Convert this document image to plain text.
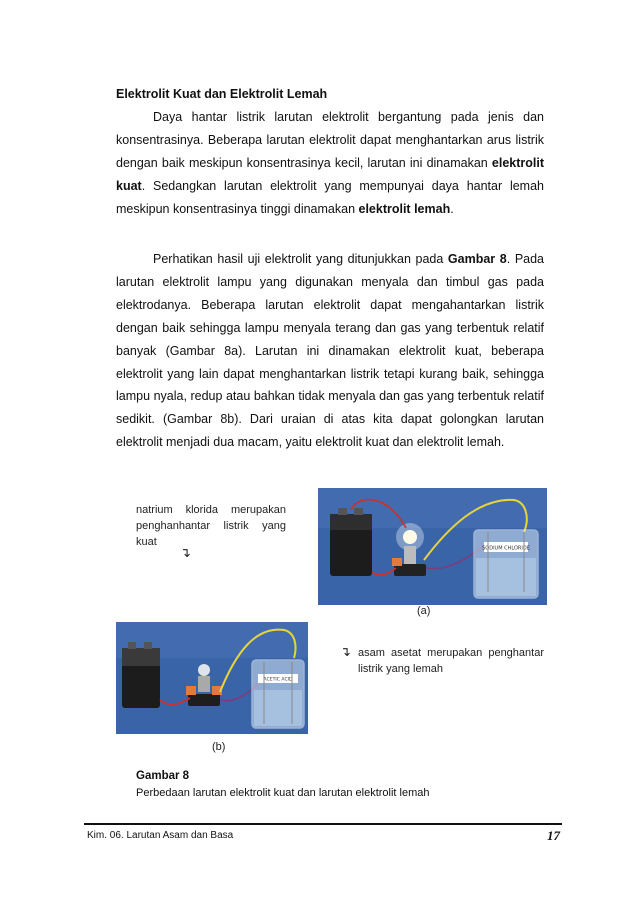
Elektrolit Kuat dan Elektrolit Lemah

Daya hantar listrik larutan elektrolit bergantung pada jenis dan konsentrasinya. Beberapa larutan elektrolit dapat menghantarkan arus listrik dengan baik meskipun konsentrasinya kecil, larutan ini dinamakan elektrolit kuat. Sedangkan larutan elektrolit yang mempunyai daya hantar lemah meskipun konsentrasinya tinggi dinamakan elektrolit lemah.

Perhatikan hasil uji elektrolit yang ditunjukkan pada Gambar 8. Pada larutan elektrolit lampu yang digunakan menyala dan timbul gas pada elektrodanya. Beberapa larutan elektrolit dapat mengahantarkan listrik dengan baik sehingga lampu menyala terang dan gas yang terbentuk relatif banyak (Gambar 8a). Larutan ini dinamakan elektrolit kuat, beberapa elektrolit yang lain dapat menghantarkan listrik tetapi kurang baik, sehingga lampu nyala, redup atau bahkan tidak menyala dan gas yang terbentuk relatif sedikit. (Gambar 8b). Dari uraian di atas kita dapat golongkan larutan elektrolit menjadi dua macam, yaitu elektrolit kuat dan elektrolit lemah.

natrium klorida merupakan penghanhantar listrik yang kuat
↴	SODIUM CHLORIDE
(a)
ACETIC ACID
↴ asam asetat merupakan penghantar listrik yang lemah
(b)
Gambar 8
Perbedaan larutan elektrolit kuat dan larutan elektrolit lemah
Kim. 06. Larutan Asam dan Basa	17
